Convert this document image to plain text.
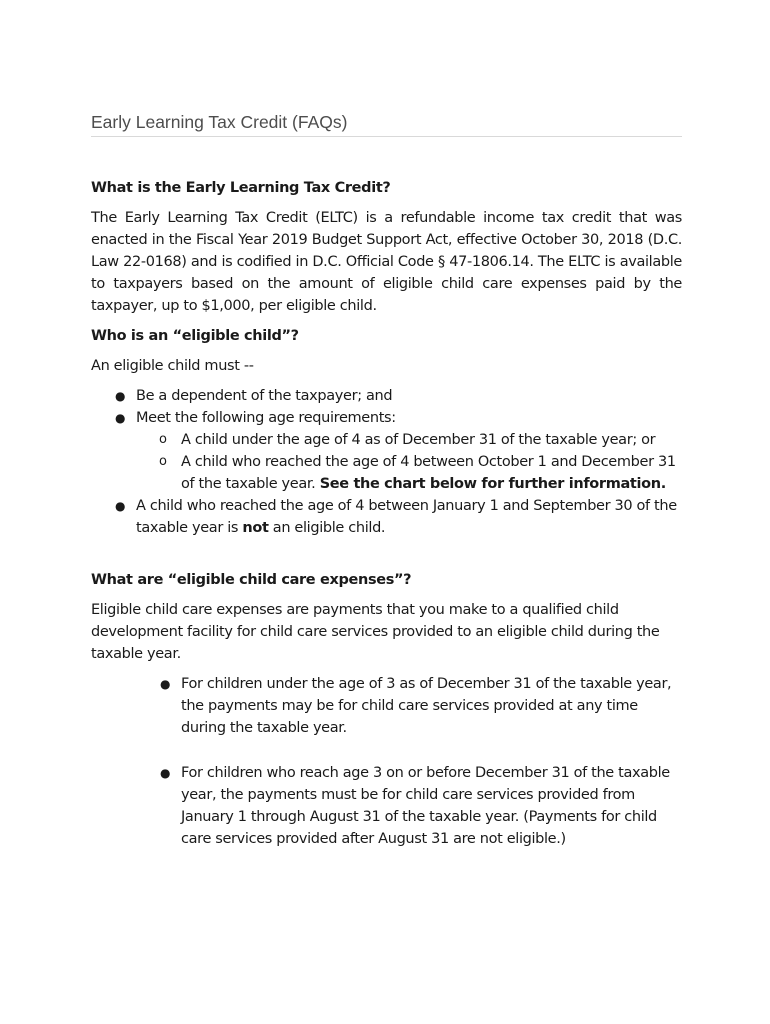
Early Learning Tax Credit (FAQs)
What is the Early Learning Tax Credit?
The Early Learning Tax Credit (ELTC) is a refundable income tax credit that was enacted in the Fiscal Year 2019 Budget Support Act, effective October 30, 2018 (D.C. Law 22-0168) and is codified in D.C. Official Code § 47-1806.14. The ELTC is available to taxpayers based on the amount of eligible child care expenses paid by the taxpayer, up to $1,000, per eligible child.
Who is an “eligible child”?
An eligible child must --
● Be a dependent of the taxpayer; and
● Meet the following age requirements:
o A child under the age of 4 as of December 31 of the taxable year; or
o A child who reached the age of 4 between October 1 and December 31 of the taxable year. See the chart below for further information.
● A child who reached the age of 4 between January 1 and September 30 of the taxable year is not an eligible child.
What are “eligible child care expenses”?
Eligible child care expenses are payments that you make to a qualified child development facility for child care services provided to an eligible child during the taxable year.
● For children under the age of 3 as of December 31 of the taxable year, the payments may be for child care services provided at any time during the taxable year.
● For children who reach age 3 on or before December 31 of the taxable year, the payments must be for child care services provided from January 1 through August 31 of the taxable year. (Payments for child care services provided after August 31 are not eligible.)
